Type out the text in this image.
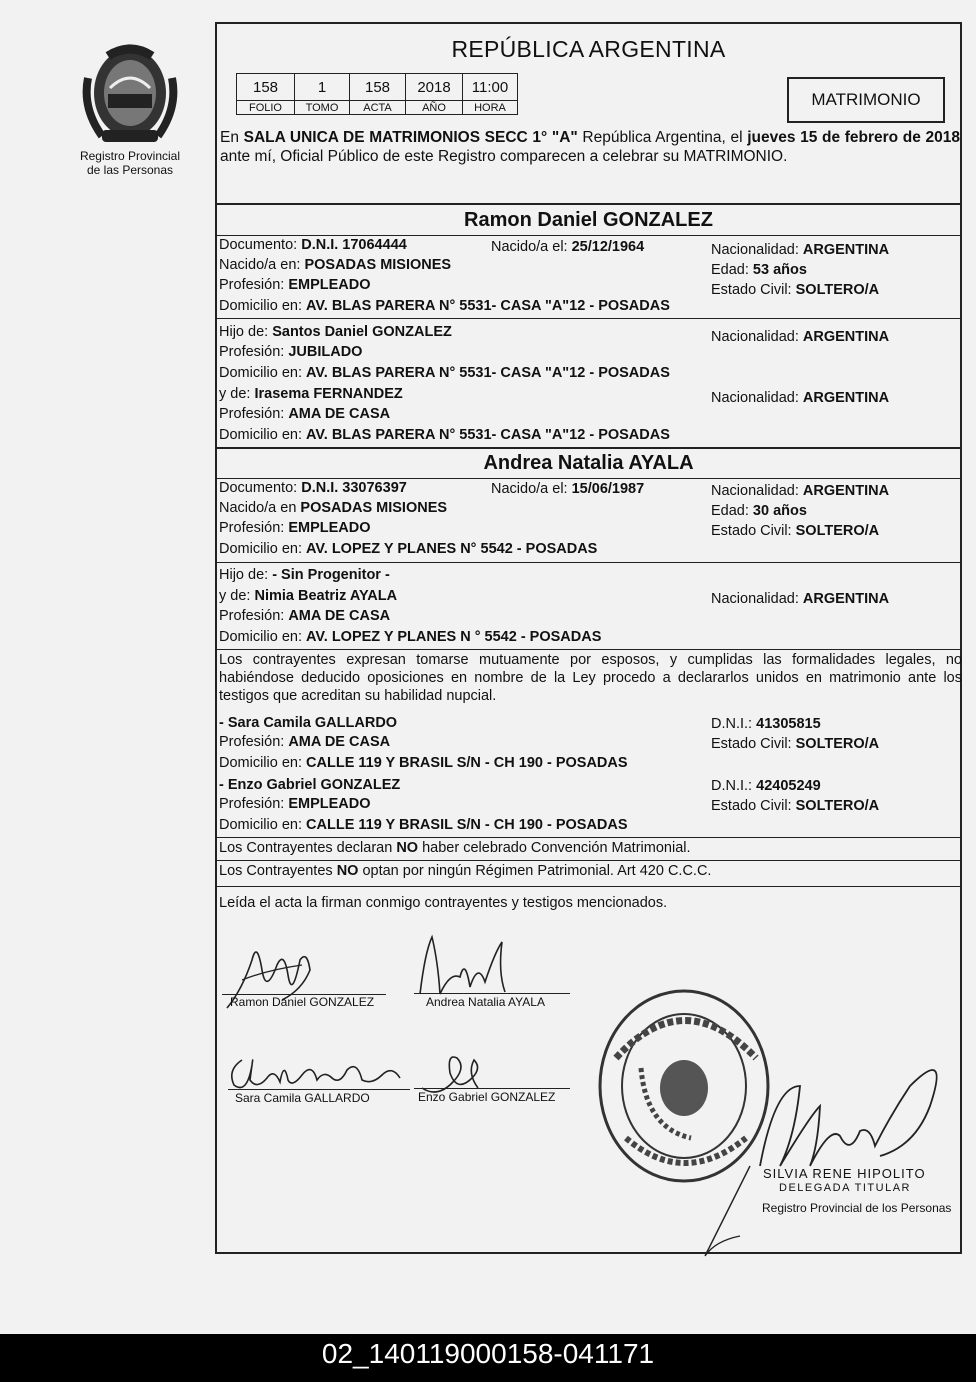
Registro Provincial
de las Personas
REPÚBLICA ARGENTINA
158	1	158	2018	11:00
FOLIO	TOMO	ACTA	AÑO	HORA	MATRIMONIO
En SALA UNICA DE MATRIMONIOS SECC 1° "A" República Argentina, el jueves 15 de febrero de 2018 ante mí, Oficial Público de este Registro comparecen a celebrar su MATRIMONIO.
Ramon Daniel GONZALEZ
Documento: D.N.I. 17064444	Nacido/a el: 25/12/1964	Nacionalidad: ARGENTINA
Nacido/a en: POSADAS MISIONES	Edad: 53 años
Profesión: EMPLEADO	Estado Civil: SOLTERO/A
Domicilio en: AV. BLAS PARERA N° 5531- CASA "A"12 - POSADAS
Hijo de: Santos Daniel GONZALEZ	Nacionalidad: ARGENTINA
Profesión: JUBILADO
Domicilio en: AV. BLAS PARERA N° 5531- CASA "A"12 - POSADAS
y de: Irasema FERNANDEZ	Nacionalidad: ARGENTINA
Profesión: AMA DE CASA
Domicilio en: AV. BLAS PARERA N° 5531- CASA "A"12 - POSADAS
Andrea Natalia AYALA
Documento: D.N.I. 33076397	Nacido/a el: 15/06/1987	Nacionalidad: ARGENTINA
Nacido/a en POSADAS MISIONES	Edad: 30 años
Profesión: EMPLEADO	Estado Civil: SOLTERO/A
Domicilio en: AV. LOPEZ Y PLANES N° 5542 - POSADAS
Hijo de: - Sin Progenitor -
y de: Nimia Beatriz AYALA	Nacionalidad: ARGENTINA
Profesión: AMA DE CASA
Domicilio en: AV. LOPEZ Y PLANES N ° 5542 - POSADAS
Los contrayentes expresan tomarse mutuamente por esposos, y cumplidas las formalidades legales, no habiéndose deducido oposiciones en nombre de la Ley procedo a declararlos unidos en matrimonio ante los testigos que acreditan su habilidad nupcial.
- Sara Camila GALLARDO	D.N.I.: 41305815
Profesión: AMA DE CASA	Estado Civil: SOLTERO/A
Domicilio en: CALLE 119 Y BRASIL S/N - CH 190 - POSADAS
- Enzo Gabriel GONZALEZ	D.N.I.: 42405249
Profesión: EMPLEADO	Estado Civil: SOLTERO/A
Domicilio en: CALLE 119 Y BRASIL S/N - CH 190 - POSADAS
Los Contrayentes declaran NO haber celebrado Convención Matrimonial.
Los Contrayentes NO optan por ningún Régimen Patrimonial. Art 420 C.C.C.
Leída el acta la firman conmigo contrayentes y testigos mencionados.
Ramon Daniel GONZALEZ	Andrea Natalia AYALA
Sara Camila GALLARDO	Enzo Gabriel GONZALEZ
SILVIA RENE HIPOLITO
DELEGADA TITULAR
Registro Provincial de los Personas
02_140119000158-041171
